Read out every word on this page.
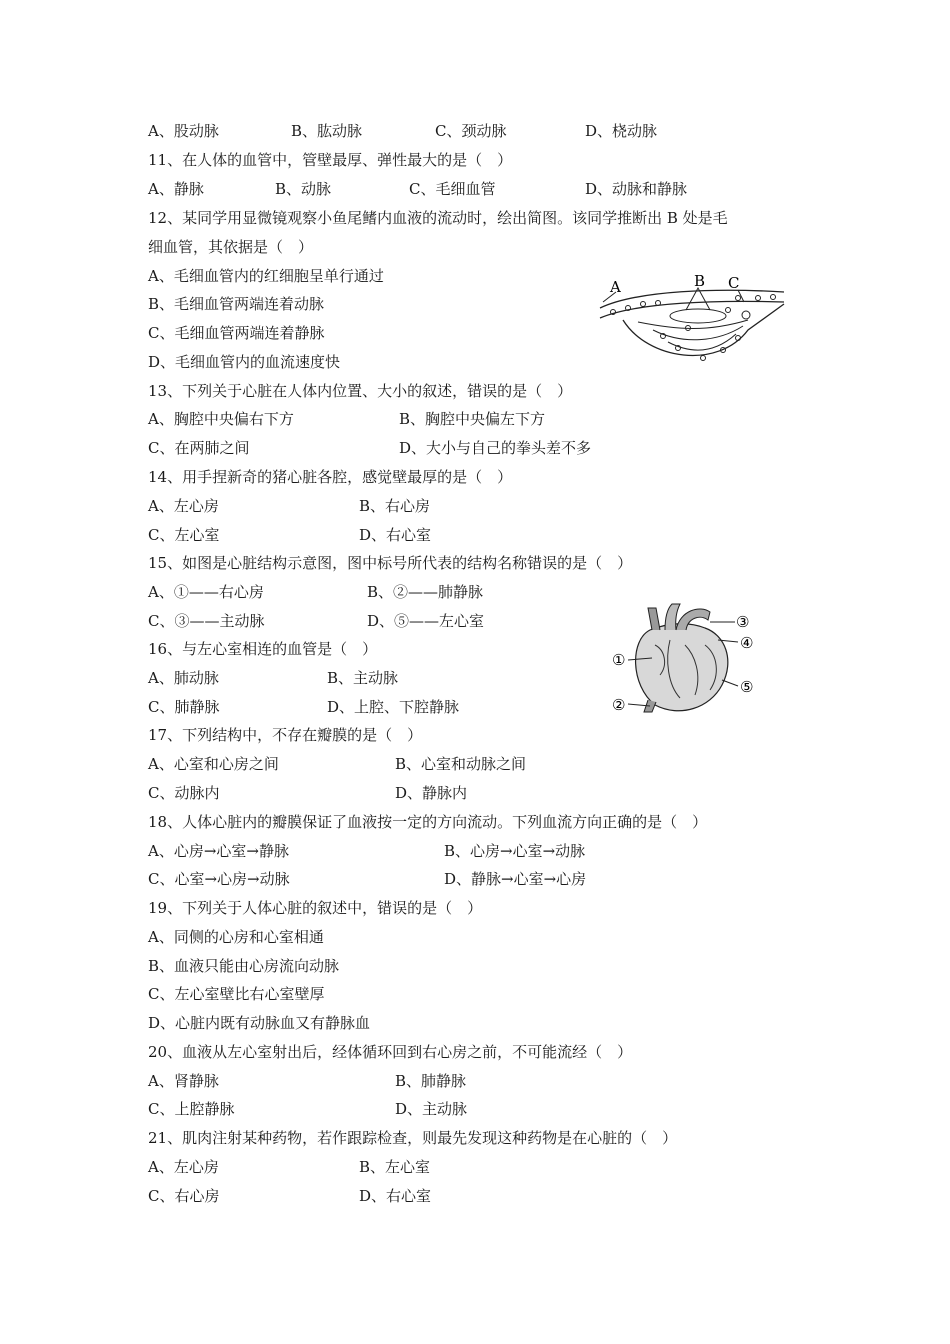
A、股动脉	B、肱动脉	C、颈动脉	D、桡动脉
11、在人体的血管中，管壁最厚、弹性最大的是（　）
A、静脉	B、动脉	C、毛细血管	D、动脉和静脉
12、某同学用显微镜观察小鱼尾鳍内血液的流动时，绘出简图。该同学推断出 B 处是毛
细血管，其依据是（　）
A、毛细血管内的红细胞呈单行通过
B、毛细血管两端连着动脉
C、毛细血管两端连着静脉
D、毛细血管内的血流速度快
A	B C
13、下列关于心脏在人体内位置、大小的叙述，错误的是（　）
A、胸腔中央偏右下方	B、胸腔中央偏左下方
C、在两肺之间	D、大小与自己的拳头差不多
14、用手捏新奇的猪心脏各腔，感觉壁最厚的是（　）
A、左心房	B、右心房
C、左心室	D、右心室
15、如图是心脏结构示意图，图中标号所代表的结构名称错误的是（　）
A、①——右心房	B、②——肺静脉
C、③——主动脉	D、⑤——左心室	③
④
⑤
①
②
16、与左心室相连的血管是（　）
A、肺动脉	B、主动脉
C、肺静脉	D、上腔、下腔静脉
17、下列结构中，不存在瓣膜的是（　）
A、心室和心房之间	B、心室和动脉之间
C、动脉内	D、静脉内
18、人体心脏内的瓣膜保证了血液按一定的方向流动。下列血流方向正确的是（　）
A、心房→心室→静脉	B、心房→心室→动脉
C、心室→心房→动脉	D、静脉→心室→心房
19、下列关于人体心脏的叙述中，错误的是（　）
A、同侧的心房和心室相通
B、血液只能由心房流向动脉
C、左心室壁比右心室壁厚
D、心脏内既有动脉血又有静脉血
20、血液从左心室射出后，经体循环回到右心房之前，不可能流经（　）
A、肾静脉	B、肺静脉
C、上腔静脉	D、主动脉
21、肌肉注射某种药物，若作跟踪检查，则最先发现这种药物是在心脏的（　）
A、左心房	B、左心室
C、右心房	D、右心室
